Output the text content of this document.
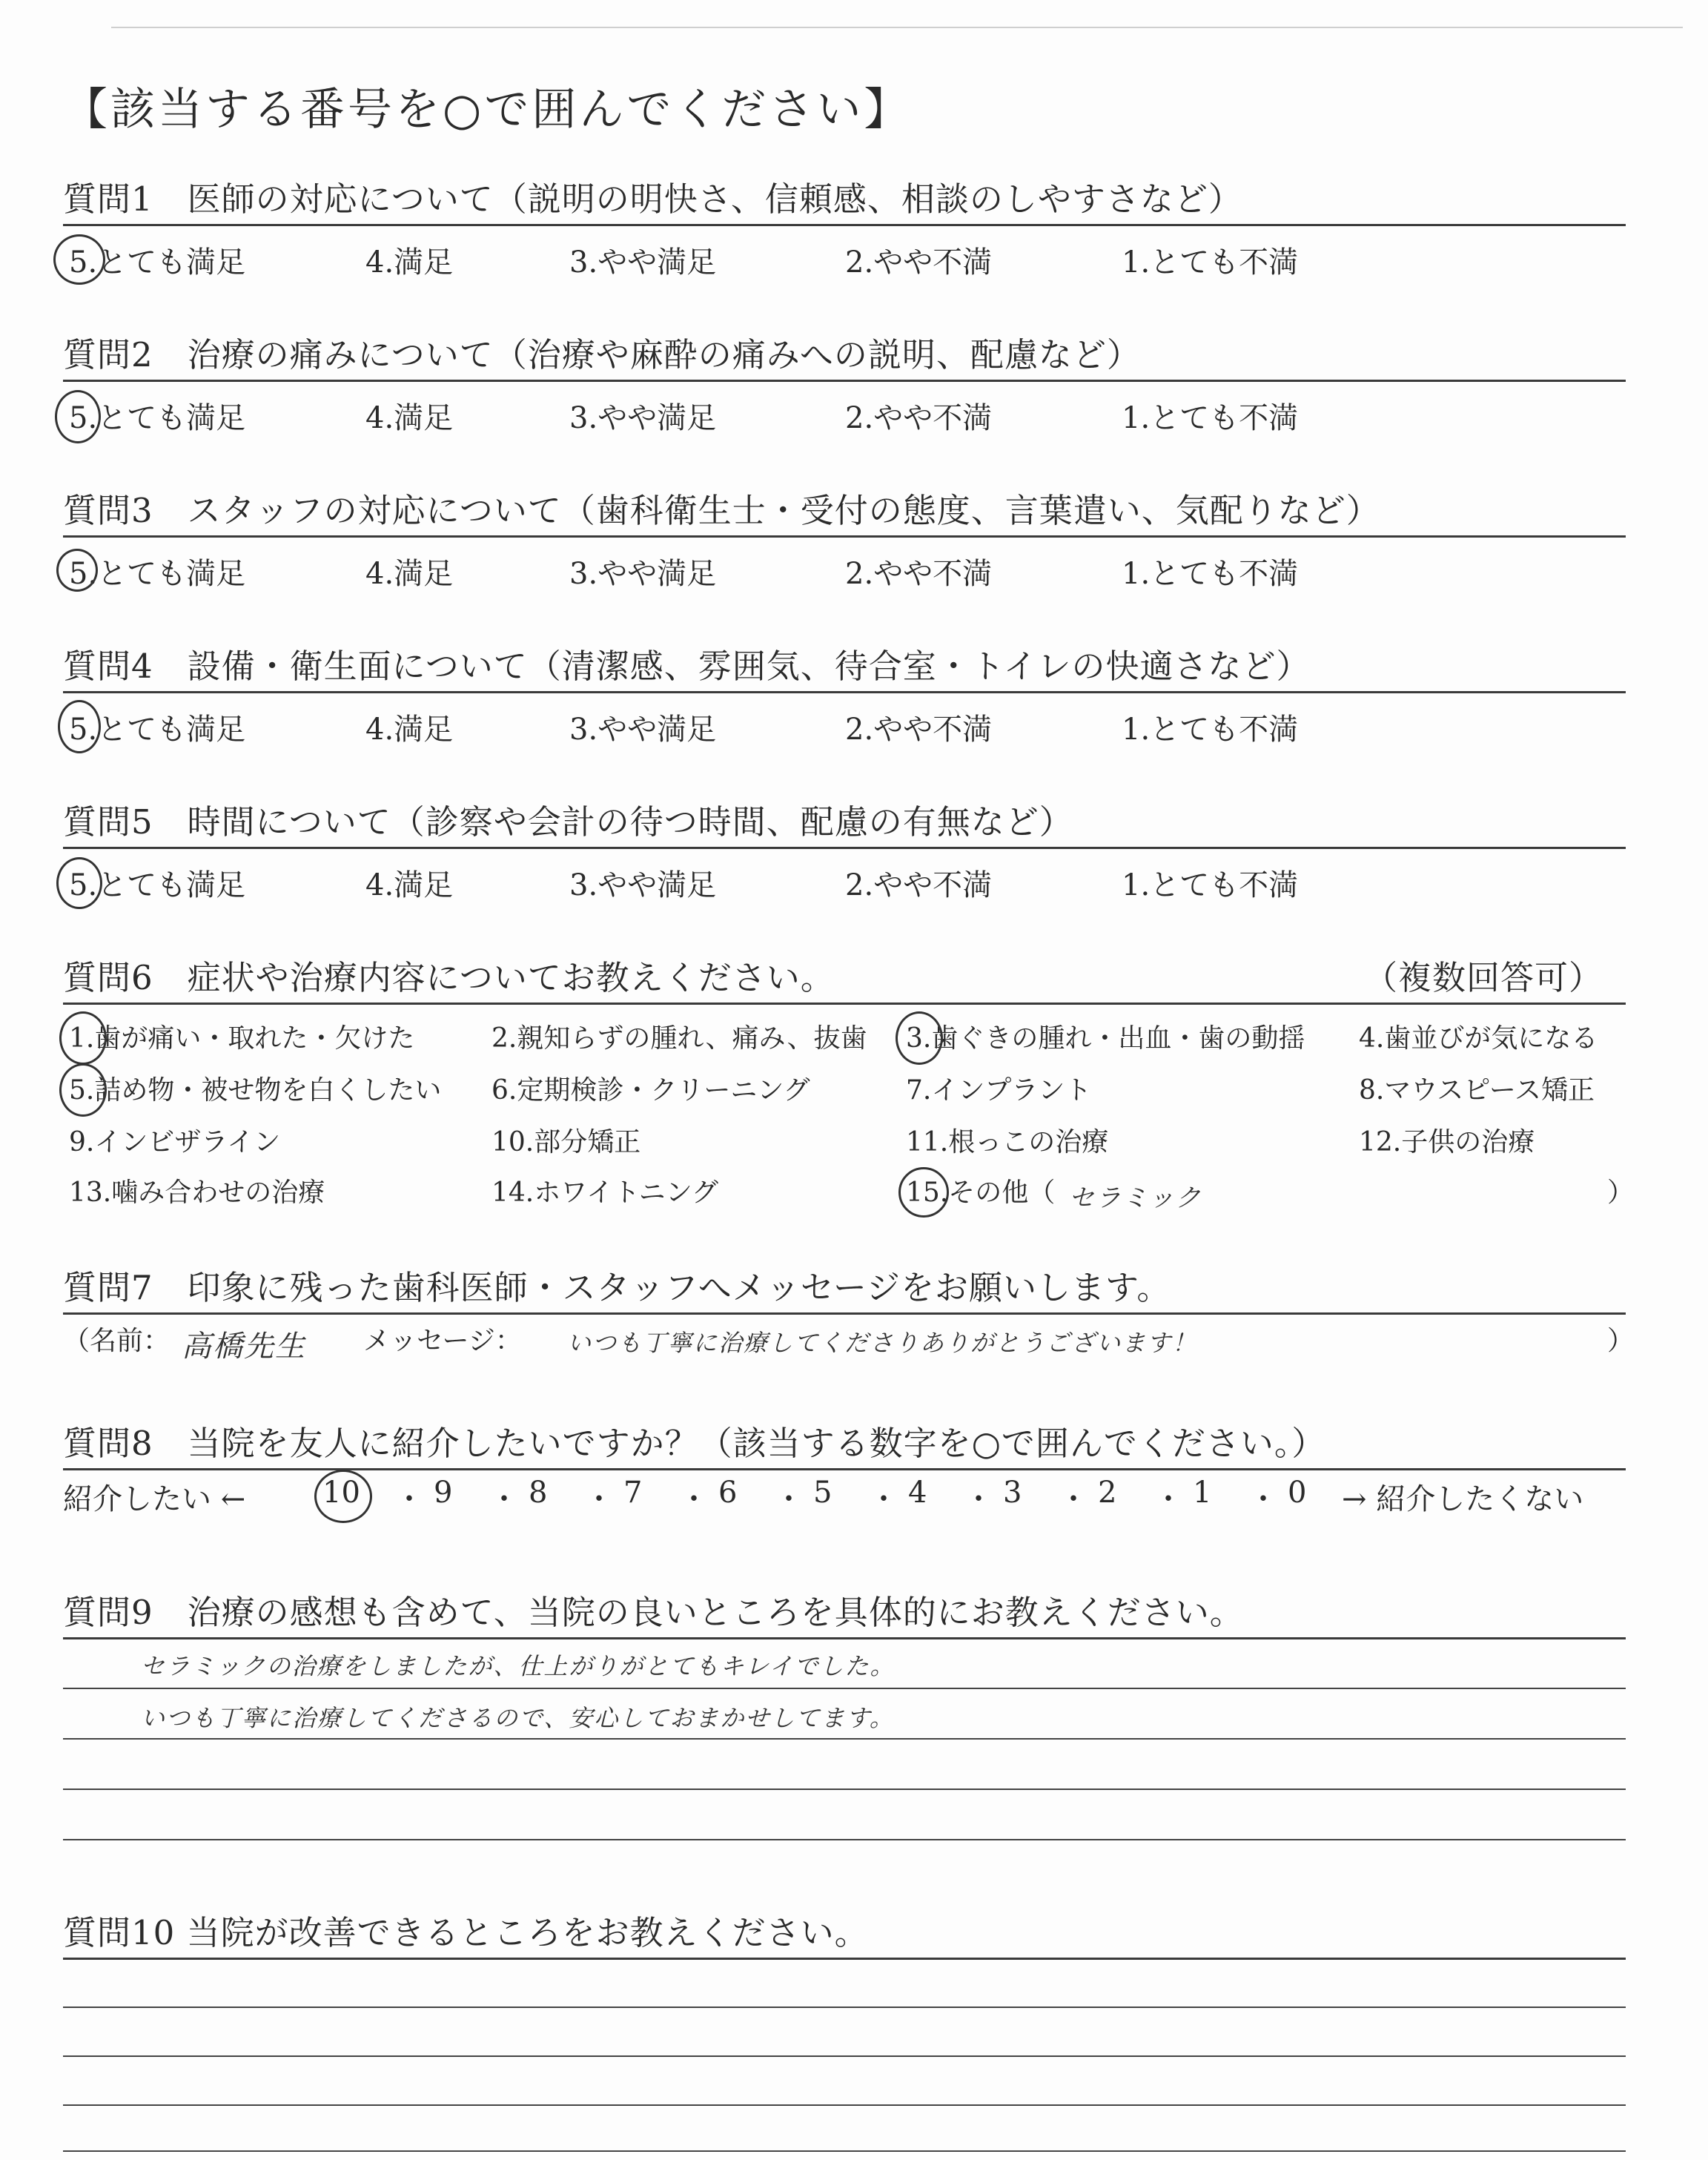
【該当する番号を○で囲んでください】
質問1　医師の対応について（説明の明快さ、信頼感、相談のしやすさなど）
5.とても満足	4.満足	3.やや満足	2.やや不満	1.とても不満
質問2　治療の痛みについて（治療や麻酔の痛みへの説明、配慮など）
5.とても満足	4.満足	3.やや満足	2.やや不満	1.とても不満
質問3　スタッフの対応について（歯科衛生士・受付の態度、言葉遣い、気配りなど）
5.とても満足	4.満足	3.やや満足	2.やや不満	1.とても不満
質問4　設備・衛生面について（清潔感、雰囲気、待合室・トイレの快適さなど）
5.とても満足	4.満足	3.やや満足	2.やや不満	1.とても不満
質問5　時間について（診察や会計の待つ時間、配慮の有無など）
5.とても満足	4.満足	3.やや満足	2.やや不満	1.とても不満
質問6　症状や治療内容についてお教えください。	（複数回答可）
1.歯が痛い・取れた・欠けた	2.親知らずの腫れ、痛み、抜歯 3.歯ぐきの腫れ・出血・歯の動揺 4.歯並びが気になる
5.詰め物・被せ物を白くしたい 6.定期検診・クリーニング	7.インプラント	8.マウスピース矯正
9.インビザライン	10.部分矯正	11.根っこの治療	12.子供の治療
13.噛み合わせの治療	14.ホワイトニング	15.その他（ セラミック	）
質問7　印象に残った歯科医師・スタッフへメッセージをお願いします。
（名前： 高橋先生 メッセージ： いつも丁寧に治療してくださりありがとうございます！	）
質問8　当院を友人に紹介したいですか？（該当する数字を○で囲んでください。）
紹介したい ←	10 ・ 9 ・ 8 ・ 7 ・ 6 ・ 5 ・ 4 ・ 3 ・ 2 ・ 1 ・ 0 → 紹介したくない
質問9　治療の感想も含めて、当院の良いところを具体的にお教えください。
セラミックの治療をしましたが、仕上がりがとてもキレイでした。
いつも丁寧に治療してくださるので、安心しておまかせしてます。
質問10 当院が改善できるところをお教えください。
